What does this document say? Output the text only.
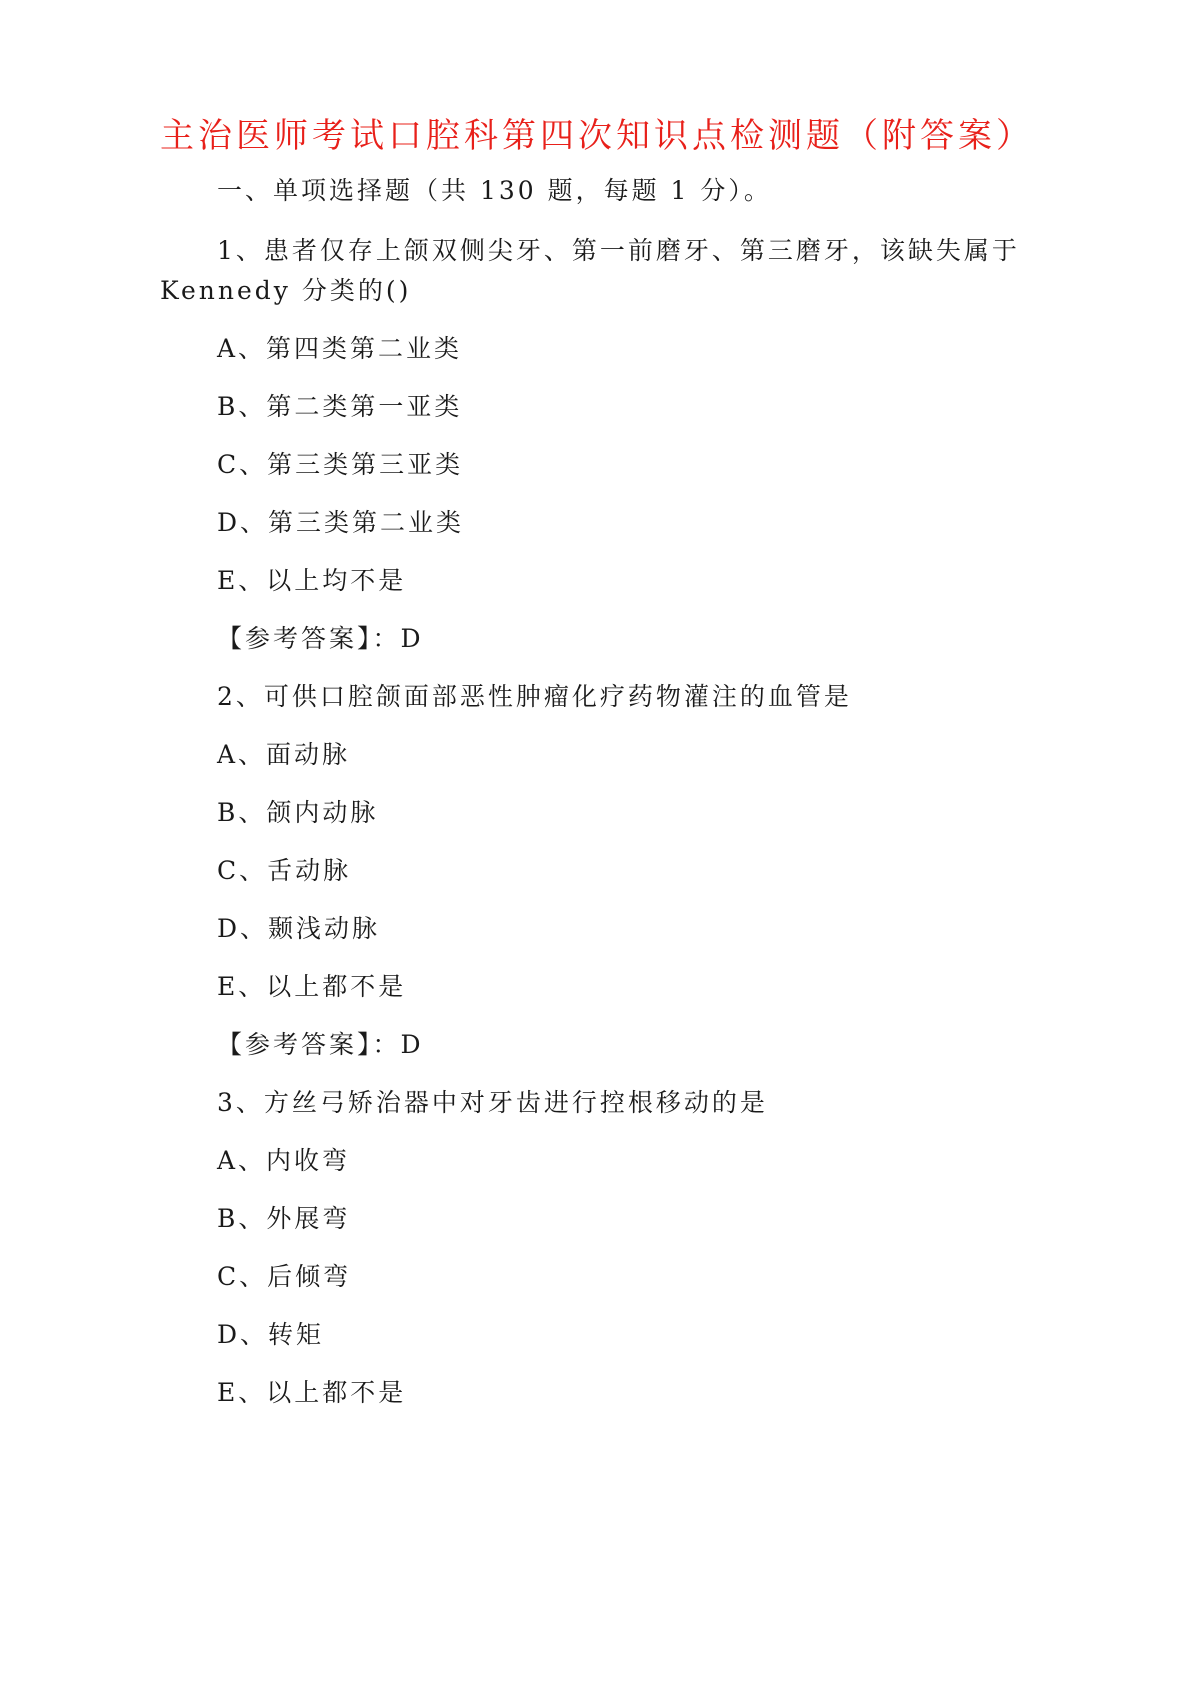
主治医师考试口腔科第四次知识点检测题（附答案）
一、单项选择题（共 130 题，每题 1 分）。
1、患者仅存上颌双侧尖牙、第一前磨牙、第三磨牙，该缺失属于
Kennedy 分类的()
A、第四类第二业类
B、第二类第一亚类
C、第三类第三亚类
D、第三类第二业类
E、以上均不是
【参考答案】：D
2、可供口腔颌面部恶性肿瘤化疗药物灌注的血管是
A、面动脉
B、颌内动脉
C、舌动脉
D、颞浅动脉
E、以上都不是
【参考答案】：D
3、方丝弓矫治器中对牙齿进行控根移动的是
A、内收弯
B、外展弯
C、后倾弯
D、转矩
E、以上都不是
